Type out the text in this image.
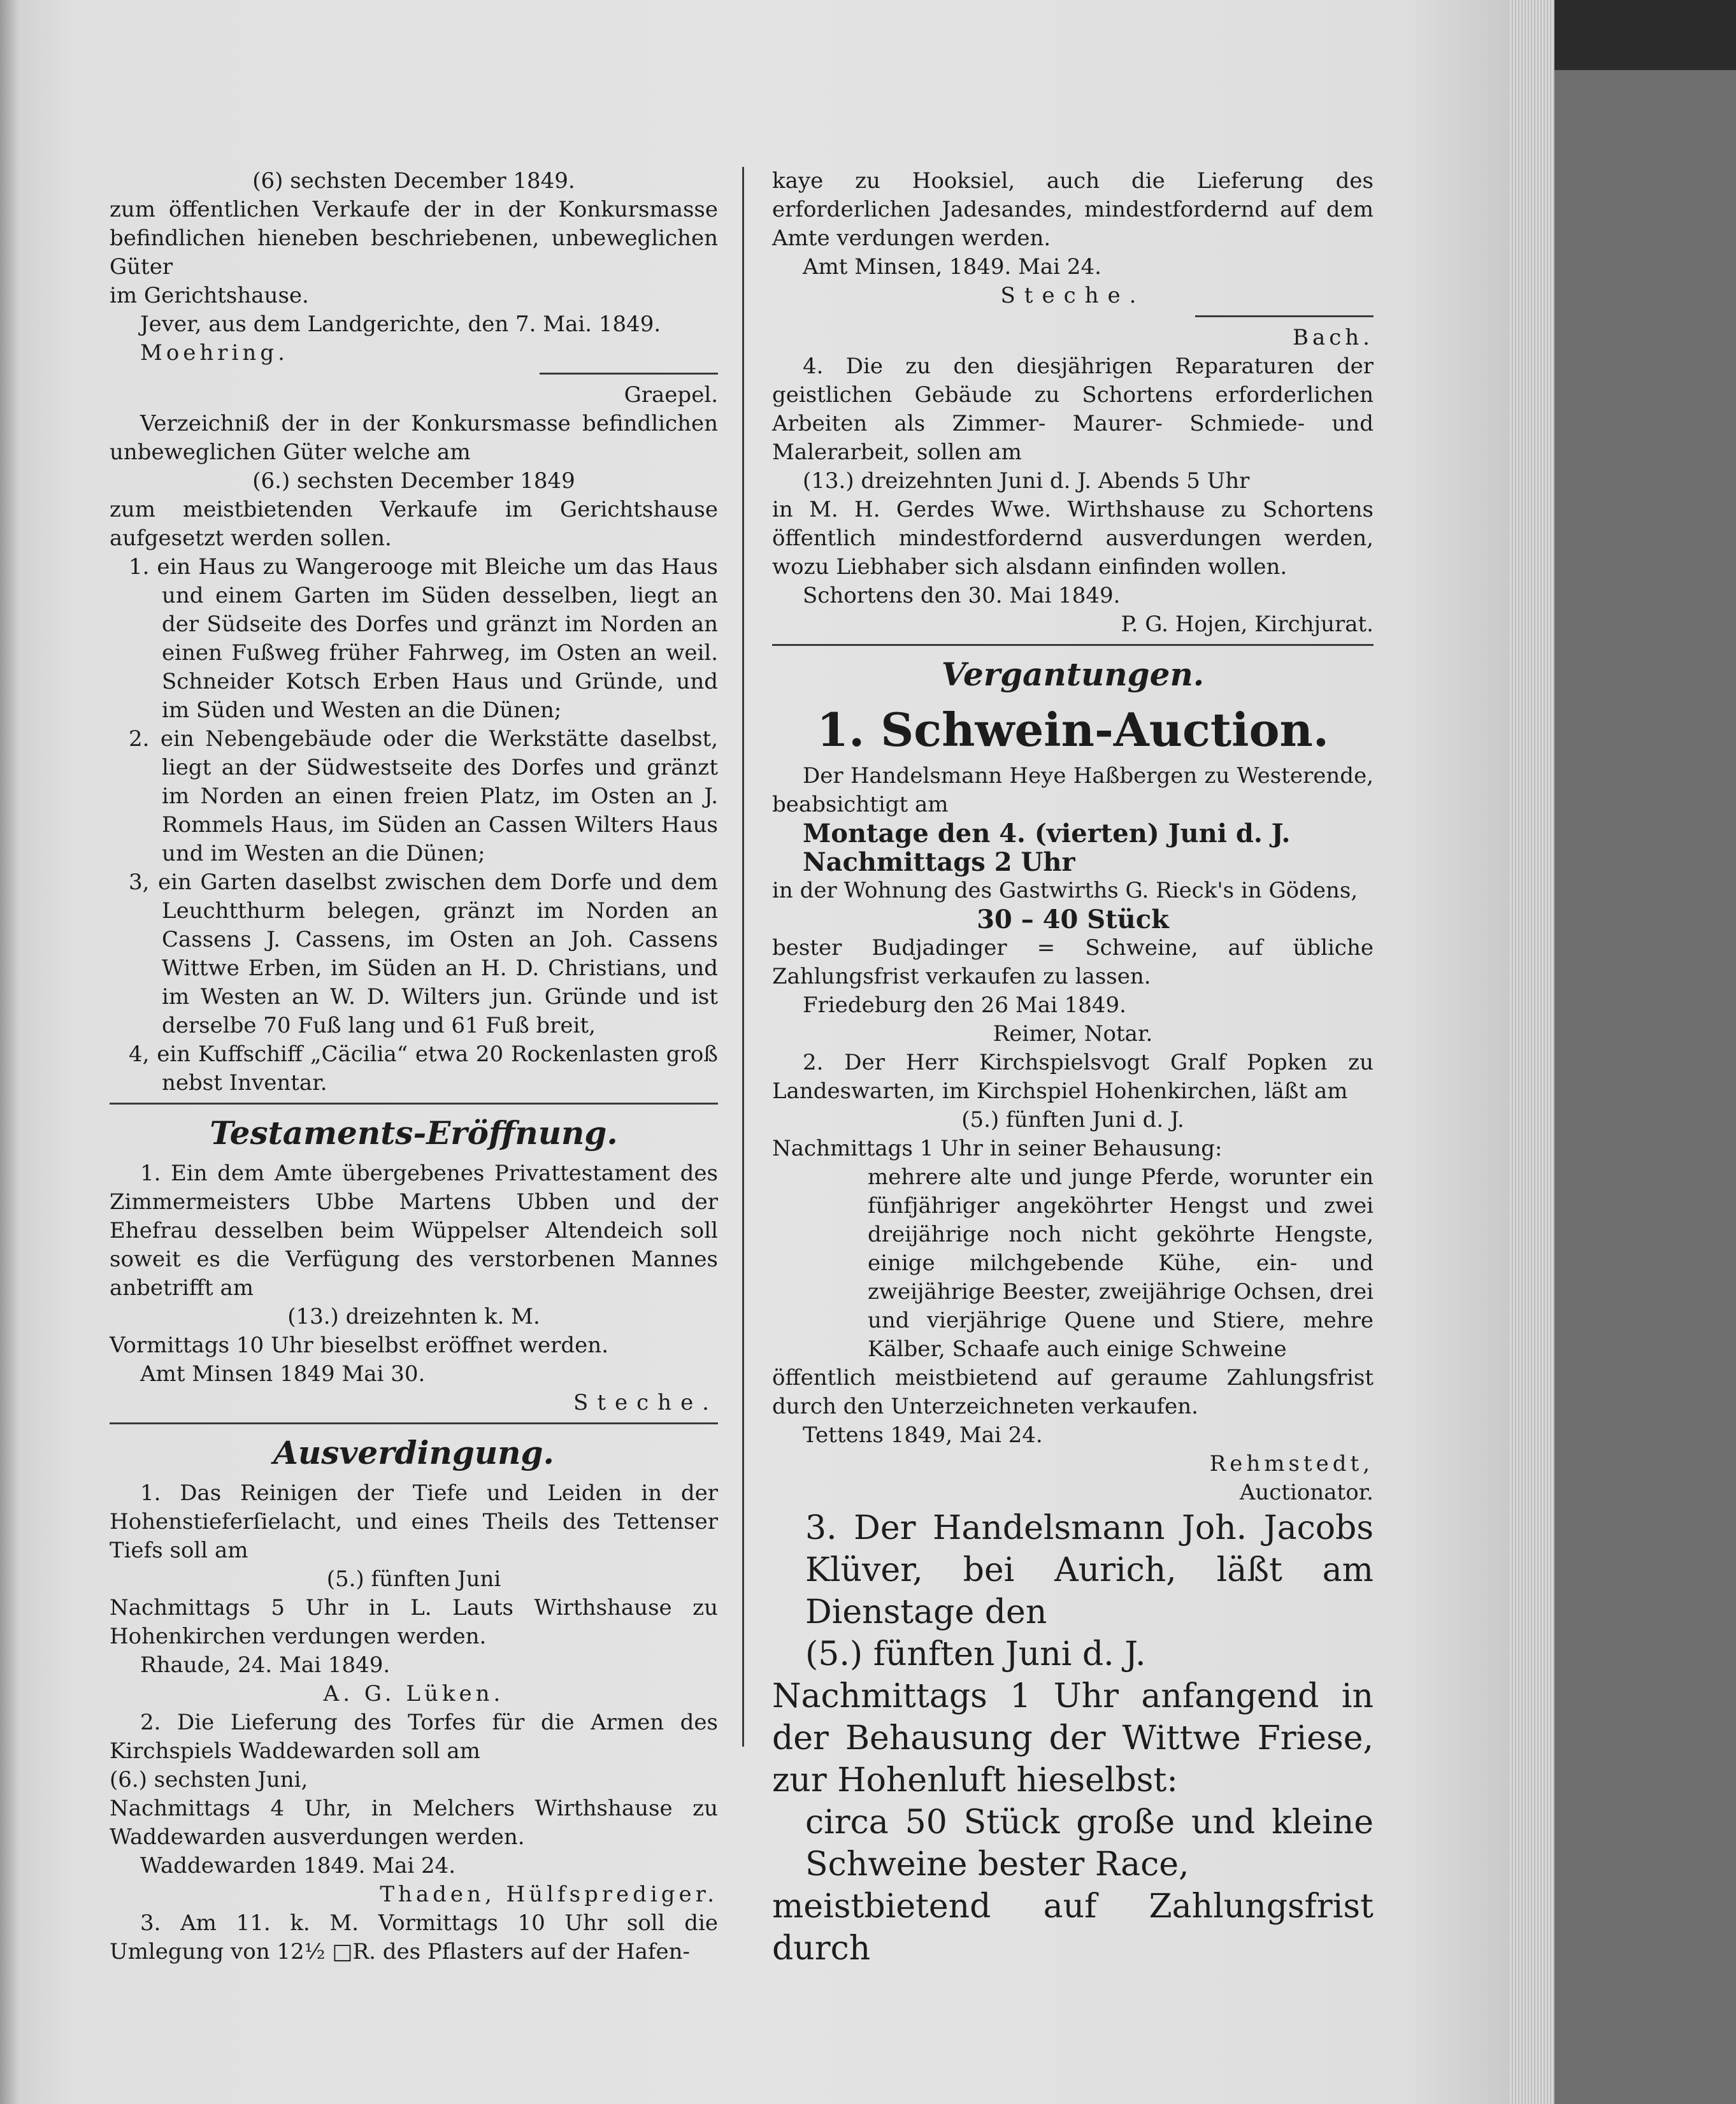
(6) sechsten December 1849.

zum öffentlichen Verkaufe der in der Konkursmasse befindlichen hieneben beschriebenen, unbeweglichen Güter

im Gerichtshause.

Jever, aus dem Landgerichte, den 7. Mai. 1849.

Moehring.

Graepel.

Verzeichniß der in der Konkursmasse befindlichen unbeweglichen Güter welche am

(6.) sechsten December 1849

zum meistbietenden Verkaufe im Gerichtshause aufgesetzt werden sollen.

1. ein Haus zu Wangerooge mit Bleiche um das Haus und einem Garten im Süden desselben, liegt an der Südseite des Dorfes und gränzt im Norden an einen Fußweg früher Fahrweg, im Osten an weil. Schneider Kotsch Erben Haus und Gründe, und im Süden und Westen an die Dünen;

2. ein Nebengebäude oder die Werkstätte daselbst, liegt an der Südwestseite des Dorfes und gränzt im Norden an einen freien Platz, im Osten an J. Rommels Haus, im Süden an Cassen Wilters Haus und im Westen an die Dünen;

3, ein Garten daselbst zwischen dem Dorfe und dem Leuchtthurm belegen, gränzt im Norden an Cassens J. Cassens, im Osten an Joh. Cassens Wittwe Erben, im Süden an H. D. Christians, und im Westen an W. D. Wilters jun. Gründe und ist derselbe 70 Fuß lang und 61 Fuß breit,

4, ein Kuffschiff „Cäcilia“ etwa 20 Rockenlasten groß nebst Inventar.

Testaments-Eröffnung.

1. Ein dem Amte übergebenes Privattestament des Zimmermeisters Ubbe Martens Ubben und der Ehefrau desselben beim Wüppelser Altendeich soll soweit es die Verfügung des verstorbenen Mannes anbetrifft am

(13.) dreizehnten k. M.

Vormittags 10 Uhr bieselbst eröffnet werden.

Amt Minsen 1849 Mai 30.

Steche.

Ausverdingung.

1. Das Reinigen der Tiefe und Leiden in der Hohenstieferſielacht, und eines Theils des Tettenser Tiefs soll am

(5.) fünften Juni

Nachmittags 5 Uhr in L. Lauts Wirthshause zu Hohenkirchen verdungen werden.

Rhaude, 24. Mai 1849.

A. G. Lüken.

2. Die Lieferung des Torfes für die Armen des Kirchspiels Waddewarden soll am

(6.) sechsten Juni,

Nachmittags 4 Uhr, in Melchers Wirthshause zu Waddewarden ausverdungen werden.

Waddewarden 1849. Mai 24.

Thaden, Hülfsprediger.

3. Am 11. k. M. Vormittags 10 Uhr soll die Umlegung von 12½ □R. des Pflasters auf der Hafen-

kaye zu Hooksiel, auch die Lieferung des erforderlichen Jadesandes, mindestfordernd auf dem Amte verdungen werden.

Amt Minsen, 1849. Mai 24.

Steche.

Bach.

4. Die zu den diesjährigen Reparaturen der geistlichen Gebäude zu Schortens erforderlichen Arbeiten als Zimmer- Maurer- Schmiede- und Malerarbeit, sollen am

(13.) dreizehnten Juni d. J. Abends 5 Uhr

in M. H. Gerdes Wwe. Wirthshause zu Schortens öffentlich mindestfordernd ausverdungen werden, wozu Liebhaber sich alsdann einfinden wollen.

Schortens den 30. Mai 1849.

P. G. Hojen, Kirchjurat.

Vergantungen.
1. Schwein-Auction.

Der Handelsmann Heye Haßbergen zu Westerende, beabsichtigt am

Montage den 4. (vierten) Juni d. J.

Nachmittags 2 Uhr

in der Wohnung des Gastwirths G. Rieck's in Gödens,

30 – 40 Stück

bester Budjadinger = Schweine, auf übliche Zahlungsfrist verkaufen zu lassen.

Friedeburg den 26 Mai 1849.

Reimer, Notar.

2. Der Herr Kirchspielsvogt Gralf Popken zu Landeswarten, im Kirchspiel Hohenkirchen, läßt am

(5.) fünften Juni d. J.

Nachmittags 1 Uhr in seiner Behausung:

mehrere alte und junge Pferde, worunter ein fünfjähriger angeköhrter Hengst und zwei dreijährige noch nicht geköhrte Hengste, einige milchgebende Kühe, ein- und zweijährige Beester, zweijährige Ochsen, drei und vierjährige Quene und Stiere, mehre Kälber, Schaafe auch einige Schweine

öffentlich meistbietend auf geraume Zahlungsfrist durch den Unterzeichneten verkaufen.

Tettens 1849, Mai 24.

Rehmstedt,

Auctionator.

3. Der Handelsmann Joh. Jacobs Klüver, bei Aurich, läßt am Dienstage den

(5.) fünften Juni d. J.

Nachmittags 1 Uhr anfangend in der Behausung der Wittwe Friese, zur Hohenluft hieselbst:

circa 50 Stück große und kleine Schweine bester Race,

meistbietend auf Zahlungsfrist durch
